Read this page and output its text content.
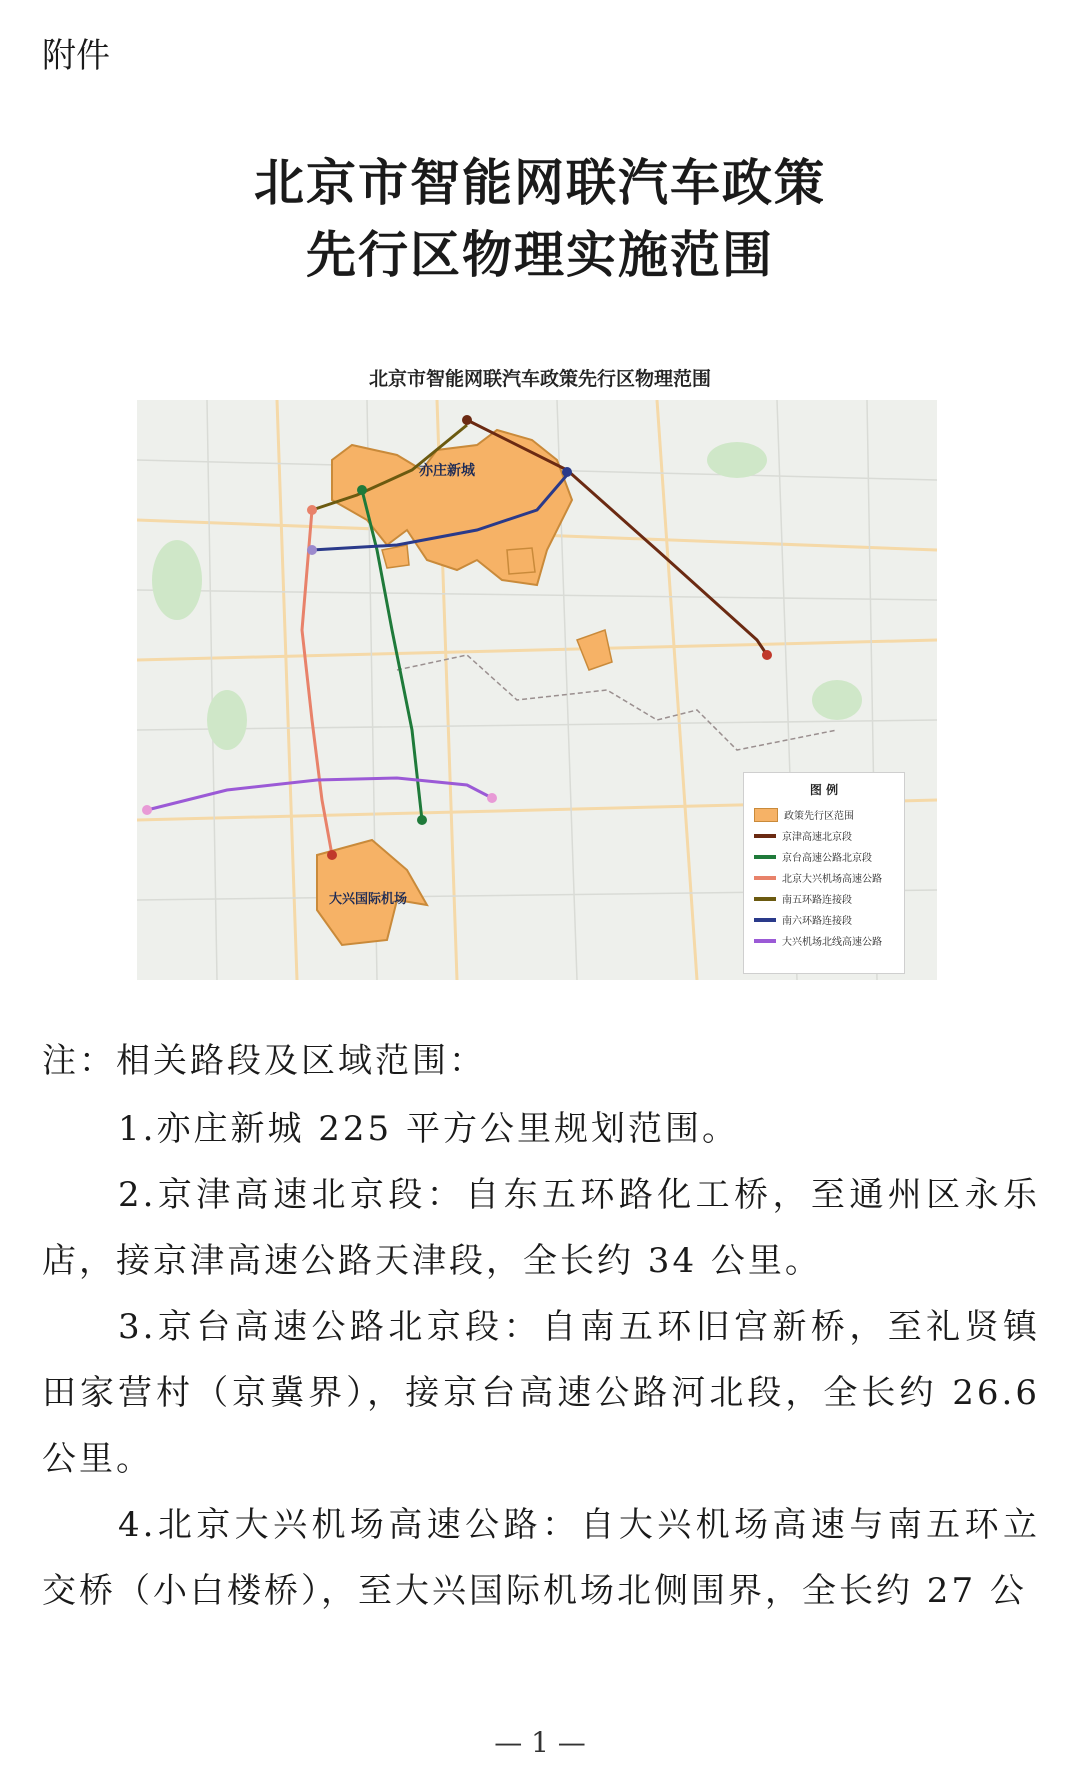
附件
北京市智能网联汽车政策
先行区物理实施范围
北京市智能网联汽车政策先行区物理范围
亦庄新城
大兴国际机场
图 例
政策先行区范围
京津高速北京段
京台高速公路北京段
北京大兴机场高速公路
南五环路连接段
南六环路连接段
大兴机场北线高速公路
注：相关路段及区域范围：
1.亦庄新城 225 平方公里规划范围。
2.京津高速北京段：自东五环路化工桥，至通州区永乐店，接京津高速公路天津段，全长约 34 公里。
3.京台高速公路北京段：自南五环旧宫新桥，至礼贤镇田家营村（京冀界），接京台高速公路河北段，全长约 26.6 公里。
4.北京大兴机场高速公路：自大兴机场高速与南五环立交桥（小白楼桥），至大兴国际机场北侧围界，全长约 27 公
— 1 —
